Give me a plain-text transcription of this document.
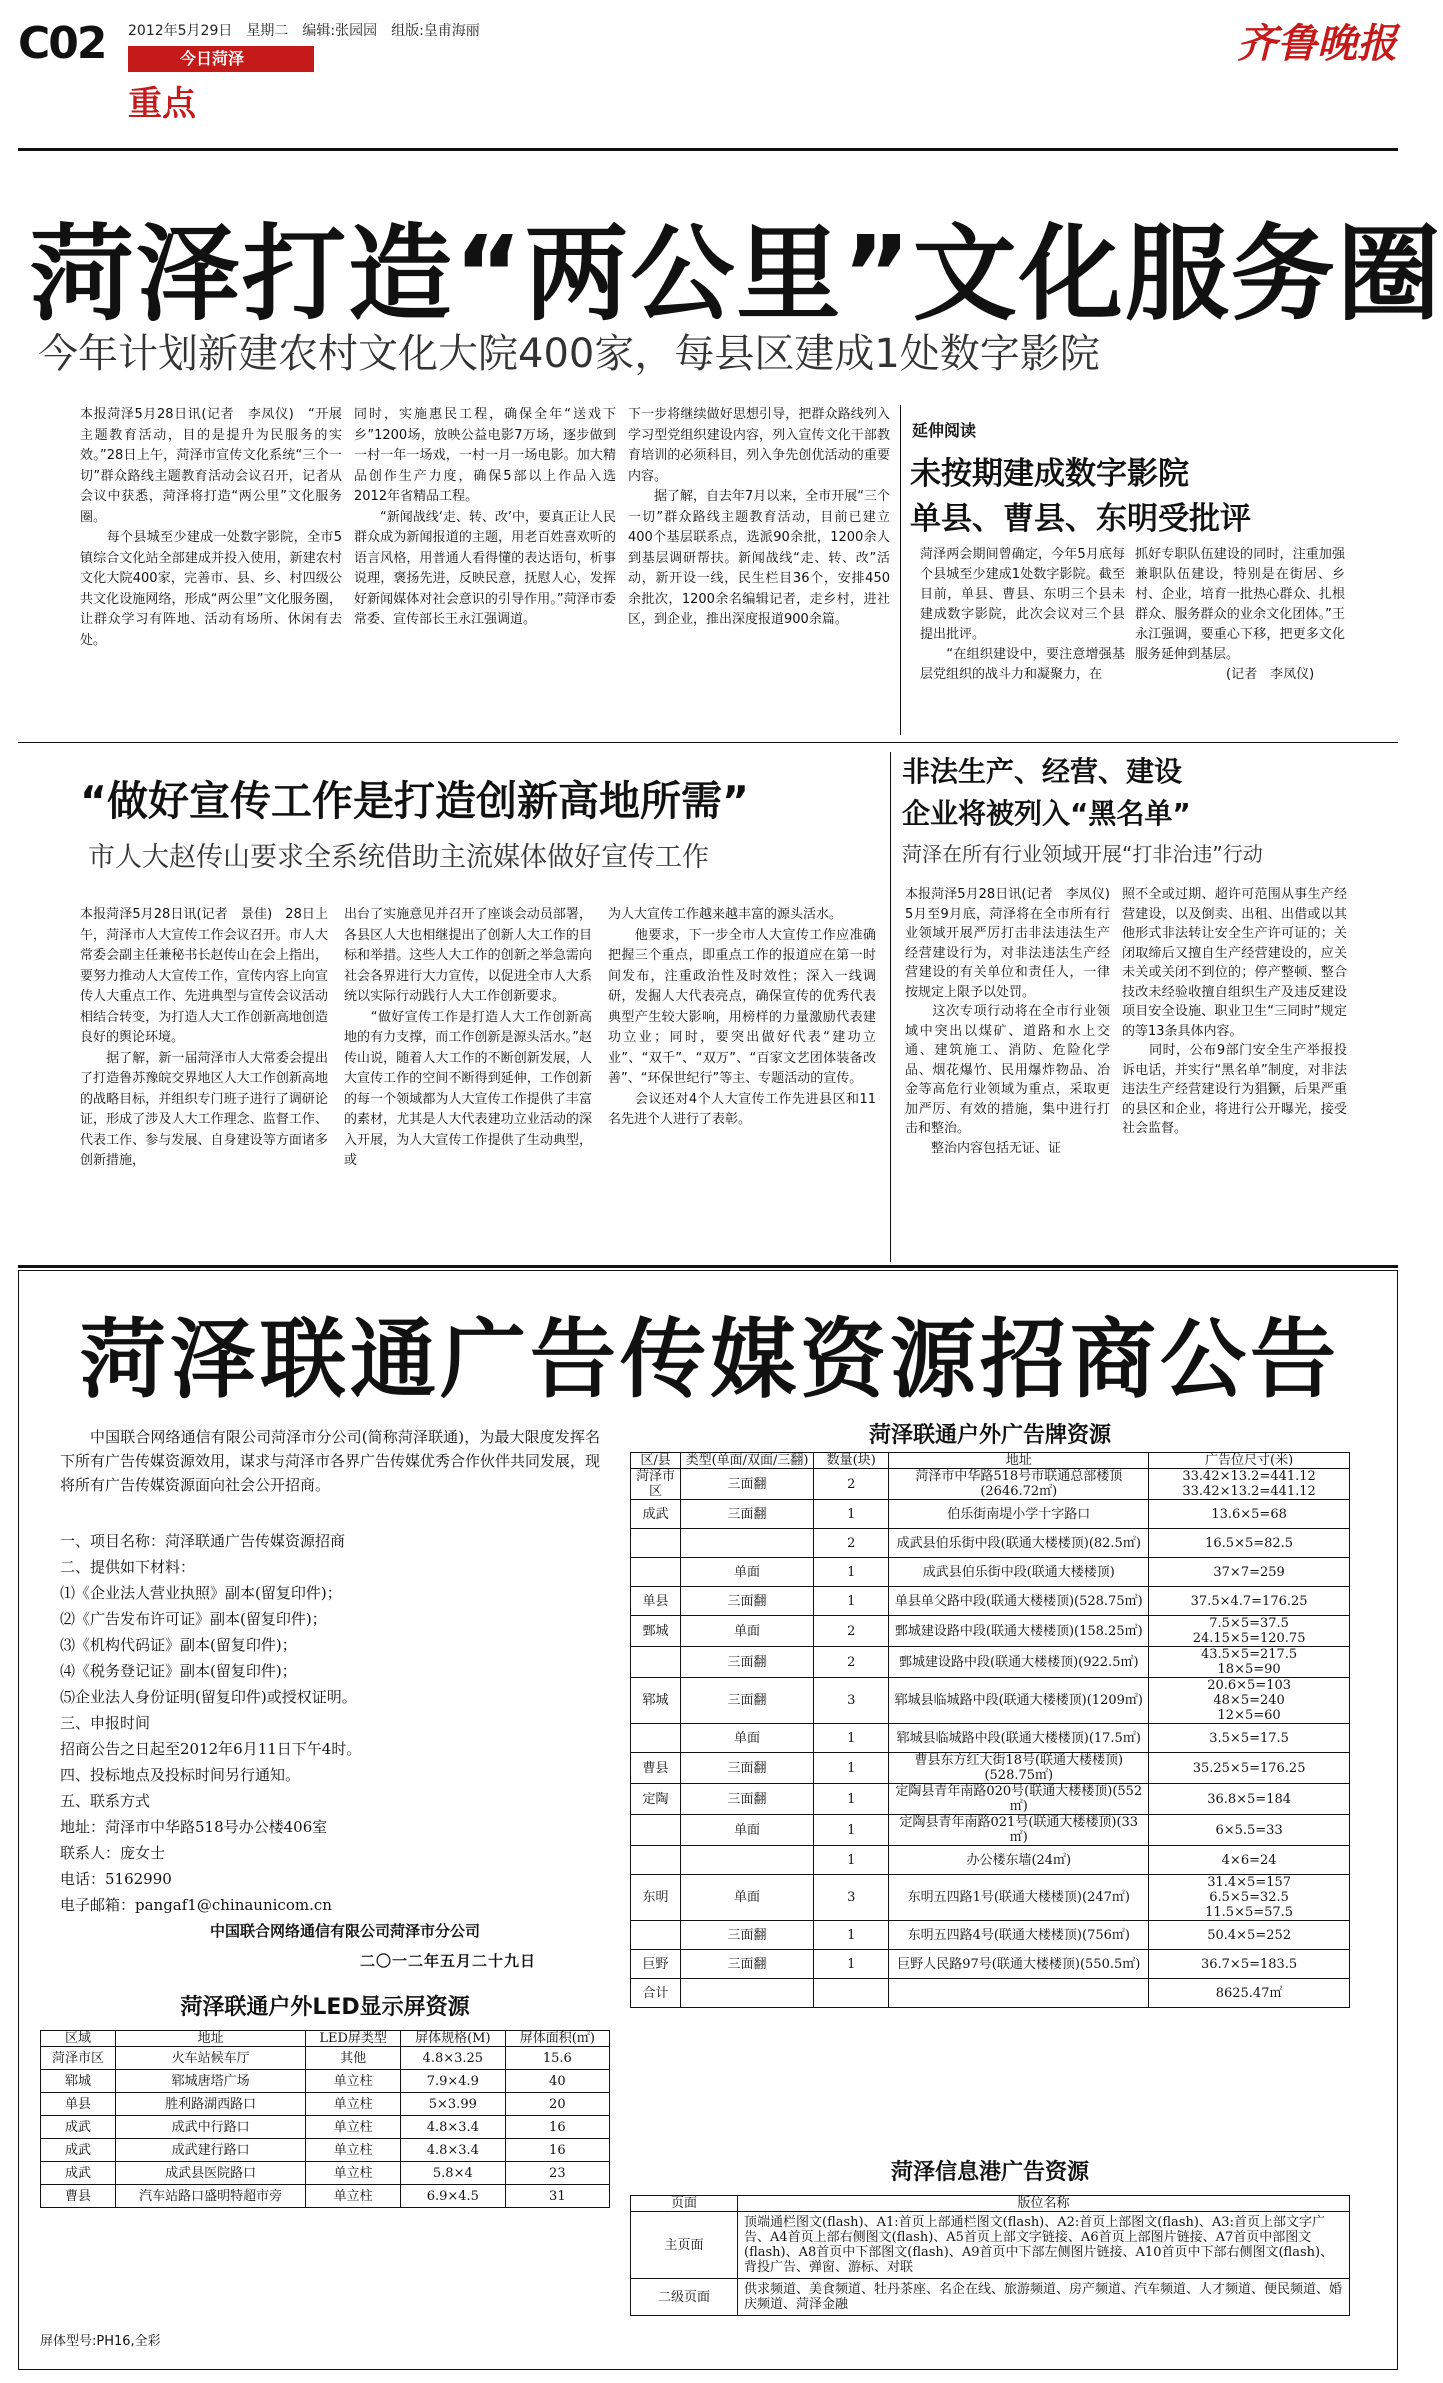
C02 2012年5月29日　星期二　编辑:张园园　组版:皇甫海丽
今日菏泽
重点
齐鲁晚报
菏泽打造“两公里”文化服务圈
今年计划新建农村文化大院400家，每县区建成1处数字影院
本报菏泽5月28日讯(记者　李凤仪)　“开展主题教育活动，目的是提升为民服务的实效。”28日上午，菏泽市宣传文化系统“三个一切”群众路线主题教育活动会议召开，记者从会议中获悉，菏泽将打造“两公里”文化服务圈。
　　每个县城至少建成一处数字影院，全市5镇综合文化站全部建成并投入使用，新建农村文化大院400家，完善市、县、乡、村四级公共文化设施网络，形成“两公里”文化服务圈，让群众学习有阵地、活动有场所、休闲有去处。
同时，实施惠民工程，确保全年“送戏下乡”1200场，放映公益电影7万场，逐步做到一村一年一场戏，一村一月一场电影。加大精品创作生产力度，确保5部以上作品入选2012年省精品工程。
　　“新闻战线‘走、转、改’中，要真正让人民群众成为新闻报道的主题，用老百姓喜欢听的语言风格，用普通人看得懂的表达语句，析事说理，褒扬先进，反映民意，抚慰人心，发挥好新闻媒体对社会意识的引导作用。”菏泽市委常委、宣传部长王永江强调道。
下一步将继续做好思想引导，把群众路线列入学习型党组织建设内容，列入宣传文化干部教育培训的必须科目，列入争先创优活动的重要内容。
　　据了解，自去年7月以来，全市开展“三个一切”群众路线主题教育活动，目前已建立400个基层联系点，选派90余批，1200余人到基层调研帮扶。新闻战线“走、转、改”活动，新开设一线，民生栏目36个，安排450余批次，1200余名编辑记者，走乡村，进社区，到企业，推出深度报道900余篇。
延伸阅读
未按期建成数字影院
单县、曹县、东明受批评
菏泽两会期间曾确定，今年5月底每个县城至少建成1处数字影院。截至目前，单县、曹县、东明三个县未建成数字影院，此次会议对三个县提出批评。
　　“在组织建设中，要注意增强基层党组织的战斗力和凝聚力，在
抓好专职队伍建设的同时，注重加强兼职队伍建设，特别是在街居、乡村、企业，培育一批热心群众、扎根群众、服务群众的业余文化团体。”王永江强调，要重心下移，把更多文化服务延伸到基层。
　　　　　　　(记者　李凤仪)
“做好宣传工作是打造创新高地所需”
市人大赵传山要求全系统借助主流媒体做好宣传工作
本报菏泽5月28日讯(记者　景佳)　28日上午，菏泽市人大宣传工作会议召开。市人大常委会副主任兼秘书长赵传山在会上指出，要努力推动人大宣传工作，宣传内容上向宣传人大重点工作、先进典型与宣传会议活动相结合转变，为打造人大工作创新高地创造良好的舆论环境。
　　据了解，新一届菏泽市人大常委会提出了打造鲁苏豫皖交界地区人大工作创新高地的战略目标，并组织专门班子进行了调研论证，形成了涉及人大工作理念、监督工作、代表工作、参与发展、自身建设等方面诸多创新措施，
出台了实施意见并召开了座谈会动员部署，各县区人大也相继提出了创新人大工作的目标和举措。这些人大工作的创新之举急需向社会各界进行大力宣传，以促进全市人大系统以实际行动践行人大工作创新要求。
　　“做好宣传工作是打造人大工作创新高地的有力支撑，而工作创新是源头活水。”赵传山说，随着人大工作的不断创新发展，人大宣传工作的空间不断得到延伸，工作创新的每一个领域都为人大宣传工作提供了丰富的素材，尤其是人大代表建功立业活动的深入开展，为人大宣传工作提供了生动典型，或
为人大宣传工作越来越丰富的源头活水。
　　他要求，下一步全市人大宣传工作应准确把握三个重点，即重点工作的报道应在第一时间发布，注重政治性及时效性；深入一线调研，发掘人大代表亮点，确保宣传的优秀代表典型产生较大影响，用榜样的力量激励代表建功立业；同时，要突出做好代表“建功立业”、“双千”、“双万”、“百家文艺团体装备改善”、“环保世纪行”等主、专题活动的宣传。
　　会议还对4个人大宣传工作先进县区和11名先进个人进行了表彰。
非法生产、经营、建设
企业将被列入“黑名单”
菏泽在所有行业领域开展“打非治违”行动
本报菏泽5月28日讯(记者　李凤仪)　5月至9月底，菏泽将在全市所有行业领域开展严厉打击非法违法生产经营建设行为，对非法违法生产经营建设的有关单位和责任人，一律按规定上限予以处罚。
　　这次专项行动将在全市行业领域中突出以煤矿、道路和水上交通、建筑施工、消防、危险化学品、烟花爆竹、民用爆炸物品、冶金等高危行业领域为重点，采取更加严厉、有效的措施，集中进行打击和整治。
　　整治内容包括无证、证
照不全或过期、超许可范围从事生产经营建设，以及倒卖、出租、出借或以其他形式非法转让安全生产许可证的；关闭取缔后又擅自生产经营建设的，应关未关或关闭不到位的；停产整顿、整合技改未经验收擅自组织生产及违反建设项目安全设施、职业卫生“三同时”规定的等13条具体内容。
　　同时，公布9部门安全生产举报投诉电话，并实行“黑名单”制度，对非法违法生产经营建设行为猖獗，后果严重的县区和企业，将进行公开曝光，接受社会监督。
菏泽联通广告传媒资源招商公告
中国联合网络通信有限公司菏泽市分公司(简称菏泽联通)，为最大限度发挥名下所有广告传媒资源效用，谋求与菏泽市各界广告传媒优秀合作伙伴共同发展，现将所有广告传媒资源面向社会公开招商。
一、项目名称：菏泽联通广告传媒资源招商
二、提供如下材料：
⑴《企业法人营业执照》副本(留复印件)；
⑵《广告发布许可证》副本(留复印件)；
⑶《机构代码证》副本(留复印件)；
⑷《税务登记证》副本(留复印件)；
⑸企业法人身份证明(留复印件)或授权证明。
三、申报时间
招商公告之日起至2012年6月11日下午4时。
四、投标地点及投标时间另行通知。
五、联系方式
地址：菏泽市中华路518号办公楼406室
联系人：庞女士
电话：5162990
电子邮箱：pangaf1@chinaunicom.cn
中国联合网络通信有限公司菏泽市分公司
二〇一二年五月二十九日
菏泽联通户外LED显示屏资源
区域	地址	LED屏类型	屏体规格(M)	屏体面积(㎡)
菏泽市区	火车站候车厅	其他	4.8×3.25	15.6
郓城	郓城唐塔广场	单立柱	7.9×4.9	40
单县	胜利路湖西路口	单立柱	5×3.99	20
成武	成武中行路口	单立柱	4.8×3.4	16
成武	成武建行路口	单立柱	4.8×3.4	16
成武	成武县医院路口	单立柱	5.8×4	23
曹县	汽车站路口盛明特超市旁	单立柱	6.9×4.5	31
屏体型号:PH16,全彩
菏泽联通户外广告牌资源
区/县	类型(单面/双面/三翻)	数量(块)	地址	广告位尺寸(米)
菏泽市区	三面翻	2	菏泽市中华路518号市联通总部楼顶(2646.72㎡)	33.42×13.2=441.12
33.42×13.2=441.12
成武	三面翻	1	伯乐街南堤小学十字路口	13.6×5=68
		2	成武县伯乐街中段(联通大楼楼顶)(82.5㎡)	16.5×5=82.5
	单面	1	成武县伯乐街中段(联通大楼楼顶)	37×7=259
单县	三面翻	1	单县单父路中段(联通大楼楼顶)(528.75㎡)	37.5×4.7=176.25
鄄城	单面	2	鄄城建设路中段(联通大楼楼顶)(158.25㎡)	7.5×5=37.5
24.15×5=120.75
	三面翻	2	鄄城建设路中段(联通大楼楼顶)(922.5㎡)	43.5×5=217.5
18×5=90
郓城	三面翻	3	郓城县临城路中段(联通大楼楼顶)(1209㎡)	20.6×5=103
48×5=240
12×5=60
	单面	1	郓城县临城路中段(联通大楼楼顶)(17.5㎡)	3.5×5=17.5
曹县	三面翻	1	曹县东方红大街18号(联通大楼楼顶)(528.75㎡)	35.25×5=176.25
定陶	三面翻	1	定陶县青年南路020号(联通大楼楼顶)(552㎡)	36.8×5=184
	单面	1	定陶县青年南路021号(联通大楼楼顶)(33㎡)	6×5.5=33
		1	办公楼东墙(24㎡)	4×6=24
东明	单面	3	东明五四路1号(联通大楼楼顶)(247㎡)	31.4×5=157
6.5×5=32.5
11.5×5=57.5
	三面翻	1	东明五四路4号(联通大楼楼顶)(756㎡)	50.4×5=252
巨野	三面翻	1	巨野人民路97号(联通大楼楼顶)(550.5㎡)	36.7×5=183.5
合计				8625.47㎡
菏泽信息港广告资源
页面	版位名称
主页面	顶端通栏图文(flash)、A1:首页上部通栏图文(flash)、A2:首页上部图文(flash)、A3:首页上部文字广告、A4首页上部右侧图文(flash)、A5首页上部文字链接、A6首页上部图片链接、A7首页中部图文(flash)、A8首页中下部图文(flash)、A9首页中下部左侧图片链接、A10首页中下部右侧图文(flash)、背投广告、弹窗、游标、对联
二级页面	供求频道、美食频道、牡丹茶座、名企在线、旅游频道、房产频道、汽车频道、人才频道、便民频道、婚庆频道、菏泽金融
